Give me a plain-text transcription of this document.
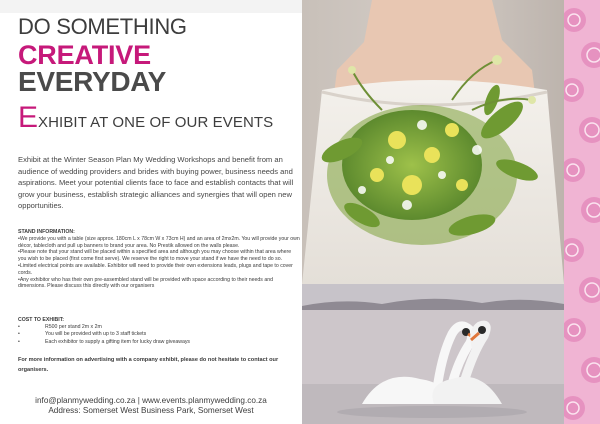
DO SOMETHING
CREATIVE
EVERYDAY
EXHIBIT AT ONE OF OUR EVENTS

Exhibit at the Winter Season Plan My Wedding Workshops and benefit from an audience of wedding providers and brides with buying power, business needs and aspirations. Meet your potential clients face to face and establish contacts that will grow your business, establish strategic alliances and synergies that will open new opportunities.

STAND INFORMATION:

•We provide you with a table (size approx. 180cm L x 78cm W x 73cm H) and an area of 2mx2m. You will provide your own décor, tablecloth and pull up banners to brand your area. No Prestik allowed on the walls please.

•Please note that your stand will be placed within a specified area and although you may choose within that area where you wish to be placed (first come first serve). We reserve the right to move your stand if we have the need to do so.

•Limited electrical points are available. Exhibitor will need to provide their own extensions leads, plugs and tape to cover cords.

•Any exhibitor who has their own pre-assembled stand will be provided with space according to their needs and dimensions. Please discuss this directly with our organisers

COST TO EXHIBIT:

•	R500 per stand 2m x 2m
•	You will be provided with up to 3 staff tickets
•	Each exhibitor to supply a gifting item for lucky draw giveaways

For more information on advertising with a company exhibit, please do not hesitate to contact our organisers.

info@planmywedding.co.za | www.events.planmywedding.co.za
Address: Somerset West Business Park, Somerset West
